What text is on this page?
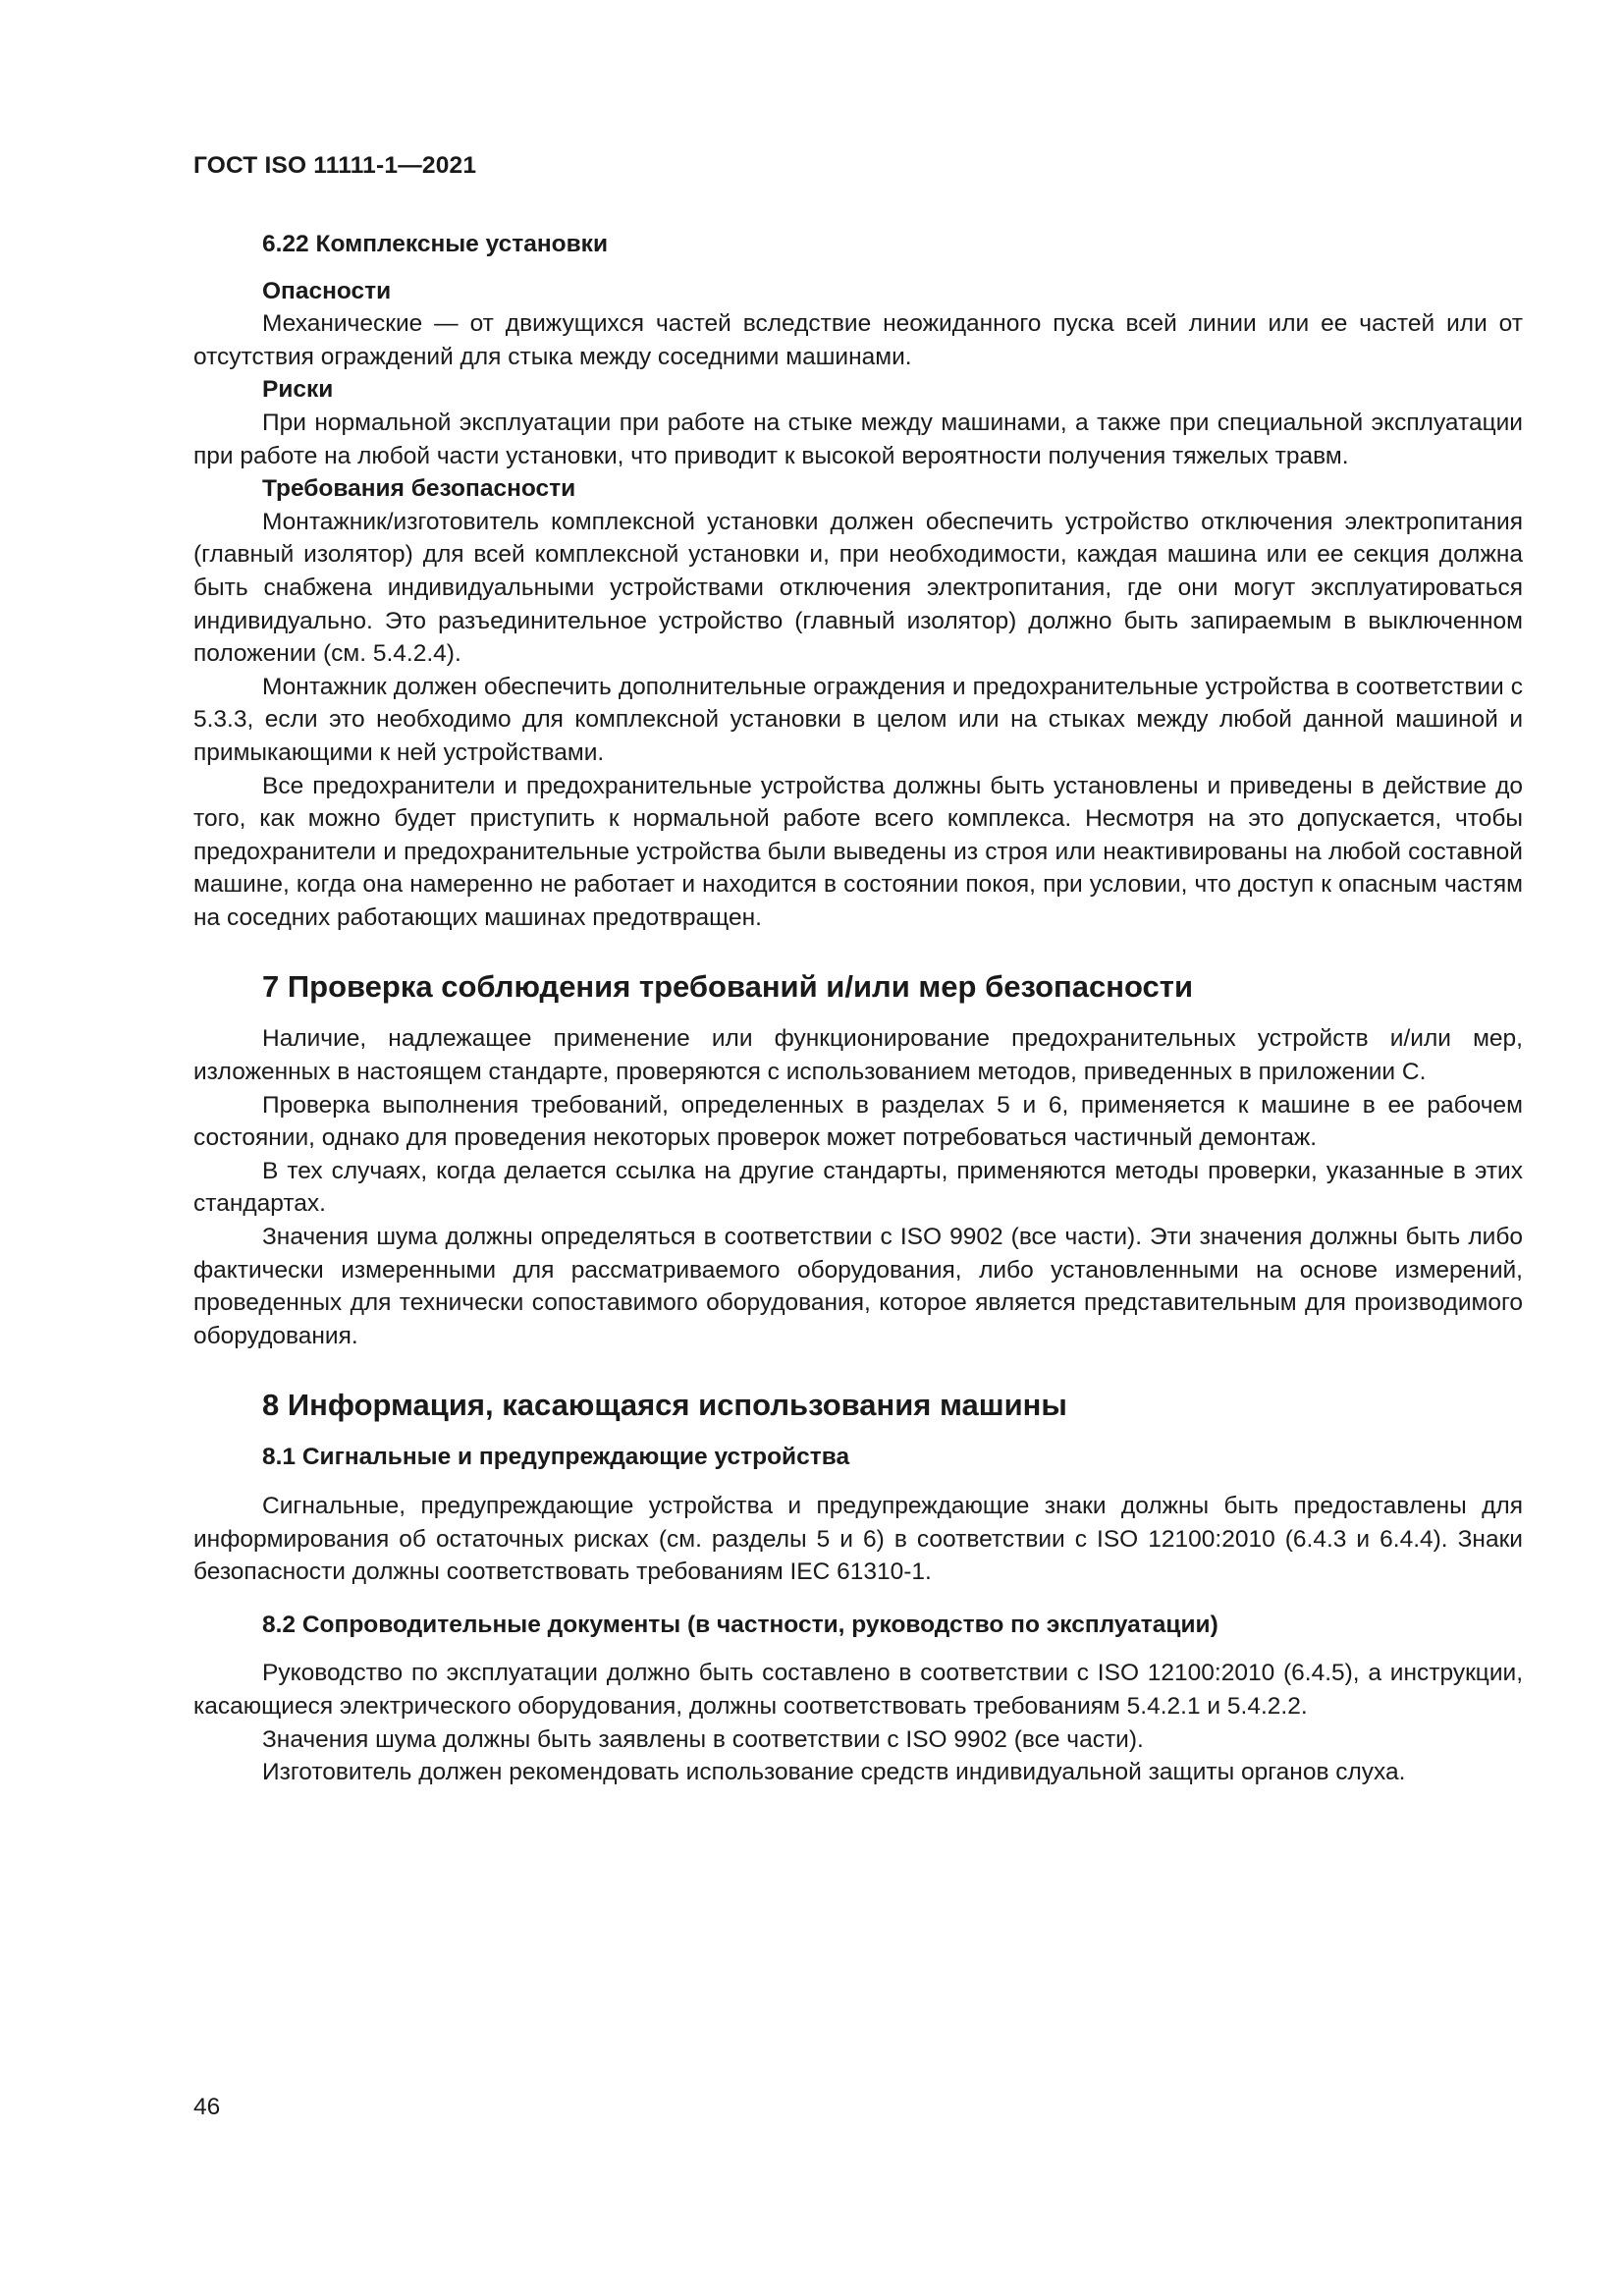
ГОСТ ISO 11111-1—2021

6.22 Комплексные установки

Опасности

Механические — от движущихся частей вследствие неожиданного пуска всей линии или ее частей или от отсутствия ограждений для стыка между соседними машинами.

Риски

При нормальной эксплуатации при работе на стыке между машинами, а также при специальной эксплуатации при работе на любой части установки, что приводит к высокой вероятности получения тяжелых травм.

Требования безопасности

Монтажник/изготовитель комплексной установки должен обеспечить устройство отключения электропитания (главный изолятор) для всей комплексной установки и, при необходимости, каждая машина или ее секция должна быть снабжена индивидуальными устройствами отключения электропитания, где они могут эксплуатироваться индивидуально. Это разъединительное устройство (главный изолятор) должно быть запираемым в выключенном положении (см. 5.4.2.4).

Монтажник должен обеспечить дополнительные ограждения и предохранительные устройства в соответствии с 5.3.3, если это необходимо для комплексной установки в целом или на стыках между любой данной машиной и примыкающими к ней устройствами.

Все предохранители и предохранительные устройства должны быть установлены и приведены в действие до того, как можно будет приступить к нормальной работе всего комплекса. Несмотря на это допускается, чтобы предохранители и предохранительные устройства были выведены из строя или неактивированы на любой составной машине, когда она намеренно не работает и находится в состоянии покоя, при условии, что доступ к опасным частям на соседних работающих машинах предотвращен.

7 Проверка соблюдения требований и/или мер безопасности

Наличие, надлежащее применение или функционирование предохранительных устройств и/или мер, изложенных в настоящем стандарте, проверяются с использованием методов, приведенных в приложении С.

Проверка выполнения требований, определенных в разделах 5 и 6, применяется к машине в ее рабочем состоянии, однако для проведения некоторых проверок может потребоваться частичный демонтаж.

В тех случаях, когда делается ссылка на другие стандарты, применяются методы проверки, указанные в этих стандартах.

Значения шума должны определяться в соответствии с ISO 9902 (все части). Эти значения должны быть либо фактически измеренными для рассматриваемого оборудования, либо установленными на основе измерений, проведенных для технически сопоставимого оборудования, которое является представительным для производимого оборудования.

8 Информация, касающаяся использования машины

8.1 Сигнальные и предупреждающие устройства

Сигнальные, предупреждающие устройства и предупреждающие знаки должны быть предоставлены для информирования об остаточных рисках (см. разделы 5 и 6) в соответствии с ISO 12100:2010 (6.4.3 и 6.4.4). Знаки безопасности должны соответствовать требованиям IEC 61310-1.

8.2 Сопроводительные документы (в частности, руководство по эксплуатации)

Руководство по эксплуатации должно быть составлено в соответствии с ISO 12100:2010 (6.4.5), а инструкции, касающиеся электрического оборудования, должны соответствовать требованиям 5.4.2.1 и 5.4.2.2.

Значения шума должны быть заявлены в соответствии с ISO 9902 (все части).

Изготовитель должен рекомендовать использование средств индивидуальной защиты органов слуха.

46
